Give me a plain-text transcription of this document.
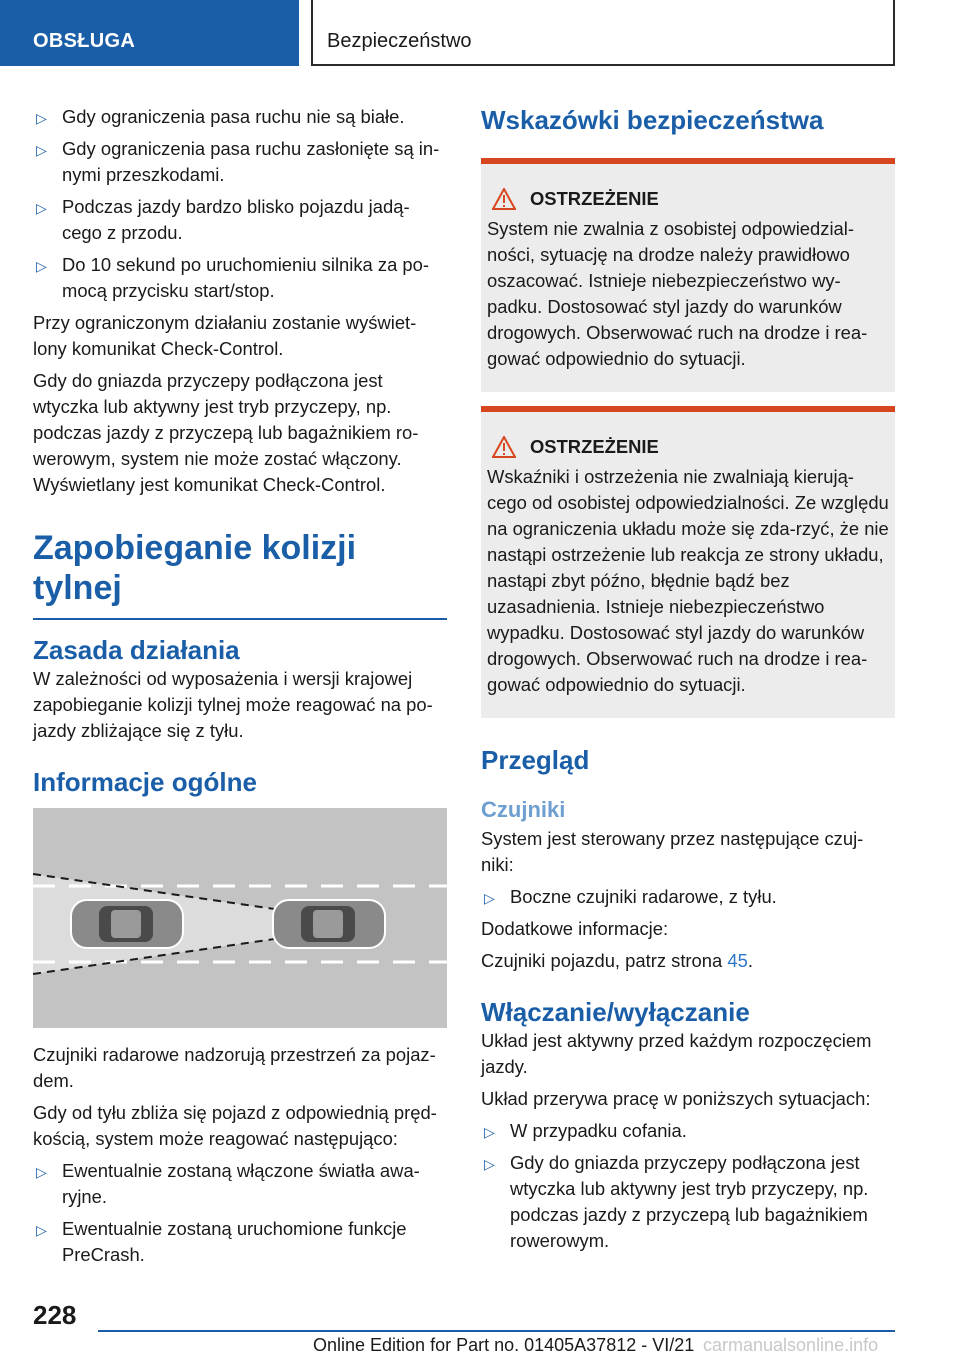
OBSŁUGA	Bezpieczeństwo
▷ Gdy ograniczenia pasa ruchu nie są białe.
▷ Gdy ograniczenia pasa ruchu zasłonięte są in-nymi przeszkodami.
▷ Podczas jazdy bardzo blisko pojazdu jadą-cego z przodu.
▷ Do 10 sekund po uruchomieniu silnika za po-mocą przycisku start/stop.

Przy ograniczonym działaniu zostanie wyświet-lony komunikat Check-Control.

Gdy do gniazda przyczepy podłączona jest wtyczka lub aktywny jest tryb przyczepy, np. podczas jazdy z przyczepą lub bagażnikiem ro-werowym, system nie może zostać włączony. Wyświetlany jest komunikat Check-Control.

Zapobieganie kolizji tylnej
Zasada działania

W zależności od wyposażenia i wersji krajowej zapobieganie kolizji tylnej może reagować na po-jazdy zbliżające się z tyłu.

Informacje ogólne

Czujniki radarowe nadzorują przestrzeń za pojaz-dem.

Gdy od tyłu zbliża się pojazd z odpowiednią pręd-kością, system może reagować następująco:

▷ Ewentualnie zostaną włączone światła awa-ryjne.
▷ Ewentualnie zostaną uruchomione funkcje PreCrash.
Wskazówki bezpieczeństwa
OSTRZEŻENIE
System nie zwalnia z osobistej odpowiedzial-ności, sytuację na drodze należy prawidłowo oszacować. Istnieje niebezpieczeństwo wy-padku. Dostosować styl jazdy do warunków drogowych. Obserwować ruch na drodze i rea-gować odpowiednio do sytuacji.
OSTRZEŻENIE
Wskaźniki i ostrzeżenia nie zwalniają kierują-cego od osobistej odpowiedzialności. Ze względu na ograniczenia układu może się zda-rzyć, że nie nastąpi ostrzeżenie lub reakcja ze strony układu, nastąpi zbyt późno, błędnie bądź bez uzasadnienia. Istnieje niebezpieczeństwo wypadku. Dostosować styl jazdy do warunków drogowych. Obserwować ruch na drodze i rea-gować odpowiednio do sytuacji.
Przegląd
Czujniki

System jest sterowany przez następujące czuj-niki:

▷ Boczne czujniki radarowe, z tyłu.

Dodatkowe informacje:

Czujniki pojazdu, patrz strona 45.

Włączanie/wyłączanie

Układ jest aktywny przed każdym rozpoczęciem jazdy.

Układ przerywa pracę w poniższych sytuacjach:

▷ W przypadku cofania.
▷ Gdy do gniazda przyczepy podłączona jest wtyczka lub aktywny jest tryb przyczepy, np. podczas jazdy z przyczepą lub bagażnikiem rowerowym.
228
Online Edition for Part no. 01405A37812 - VI/21 carmanualsonline.info
